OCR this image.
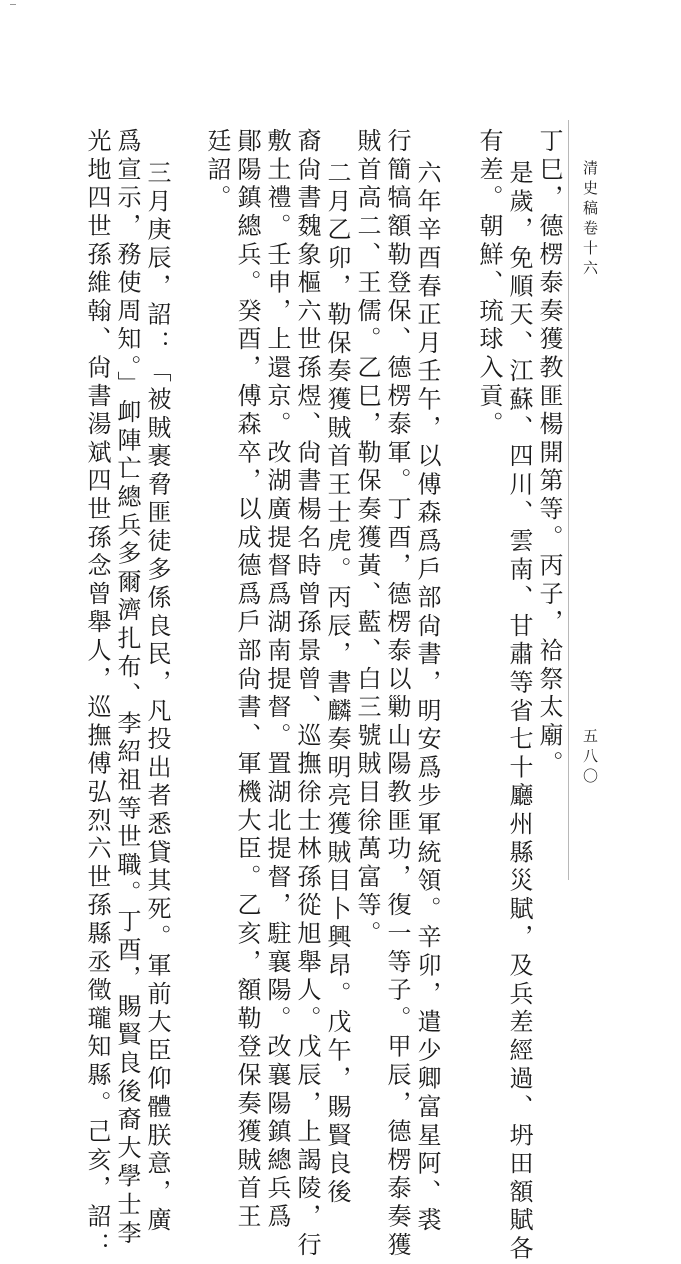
清史稿卷十六
五八〇
丁巳，德楞泰奏獲教匪楊開第等。丙子，祫祭太廟。
是歲，免順天、江蘇、四川、雲南、甘肅等省七十廳州縣災賦，及兵差經過、坍田額賦各
有差。朝鮮、琉球入貢。
六年辛酉春正月壬午，以傅森爲戶部尙書，明安爲步軍統領。辛卯，遣少卿富星阿、裘
行簡犒額勒登保、德楞泰軍。丁酉，德楞泰以勦山陽教匪功，復一等子。甲辰，德楞泰奏獲
賊首高二、王儒。乙巳，勒保奏獲黃、藍、白三號賊目徐萬富等。
二月乙卯，勒保奏獲賊首王士虎。丙辰，書麟奏明亮獲賊目卜興昂。戊午，賜賢良後
裔尙書魏象樞六世孫煜、尙書楊名時曾孫景曾、巡撫徐士林孫從旭舉人。戊辰，上謁陵，行
敷土禮。壬申，上還京。改湖廣提督爲湖南提督。置湖北提督，駐襄陽。改襄陽鎮總兵爲
鄖陽鎮總兵。癸酉，傅森卒，以成德爲戶部尙書、軍機大臣。乙亥，額勒登保奏獲賊首王
廷詔。
三月庚辰，詔：「被賊裹脅匪徒多係良民，凡投出者悉貸其死。軍前大臣仰體朕意，廣
爲宣示，務使周知。」卹陣亡總兵多爾濟扎布、李紹祖等世職。丁酉，賜賢良後裔大學士李
光地四世孫維翰、尙書湯斌四世孫念曾舉人，巡撫傅弘烈六世孫縣丞徵瓏知縣。己亥，詔：
